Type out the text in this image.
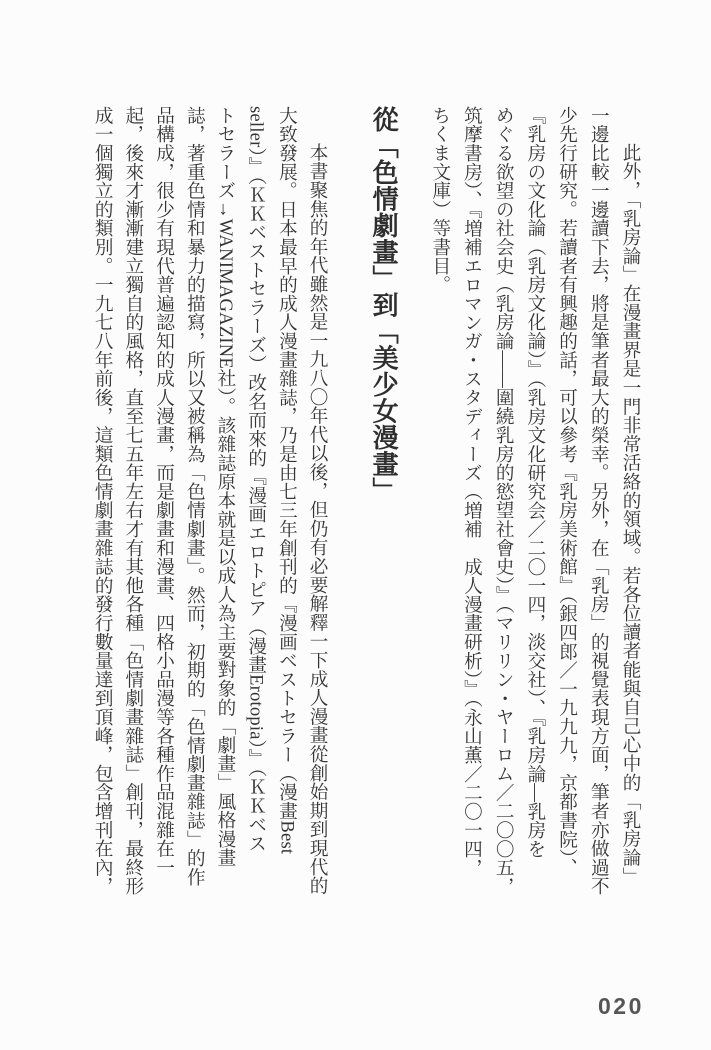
此外，「乳房論」在漫畫界是一門非常活絡的領域。若各位讀者能與自己心中的「乳房論」
一邊比較一邊讀下去，將是筆者最大的榮幸。另外，在「乳房」的視覺表現方面，筆者亦做過不
少先行研究。若讀者有興趣的話，可以參考『乳房美術館』（銀四郎／一九九九，京都書院）、
『乳房の文化論（乳房文化論）』（乳房文化研究会／二〇一四，淡交社）、『乳房論―乳房を
めぐる欲望の社会史（乳房論――圍繞乳房的慾望社會史）』（マリリン・ヤーロム／二〇〇五，
筑摩書房）、『増補エロマンガ・スタディーズ（増補　成人漫畫研析）』（永山薫／二〇一四，
ちくま文庫）等書目。
從「色情劇畫」到「美少女漫畫」
本書聚焦的年代雖然是一九八〇年代以後，但仍有必要解釋一下成人漫畫從創始期到現代的
大致發展。日本最早的成人漫畫雜誌，乃是由七三年創刊的『漫画ベストセラー（漫畫Best
seller）』（ＫＫベストセラーズ）改名而來的『漫画エロトピア（漫畫Erotopia）』（ＫＫベス
トセラーズ→WANIMAGAZINE社）。該雜誌原本就是以成人為主要對象的「劇畫」風格漫畫
誌，著重色情和暴力的描寫，所以又被稱為「色情劇畫」。然而，初期的「色情劇畫雜誌」的作
品構成，很少有現代普遍認知的成人漫畫，而是劇畫和漫畫、四格小品漫等各種作品混雜在一
起，後來才漸漸建立獨自的風格，直至七五年左右才有其他各種「色情劇畫雜誌」創刊，最終形
成一個獨立的類別。一九七八年前後，這類色情劇畫雜誌的發行數量達到頂峰，包含增刊在內，
020
